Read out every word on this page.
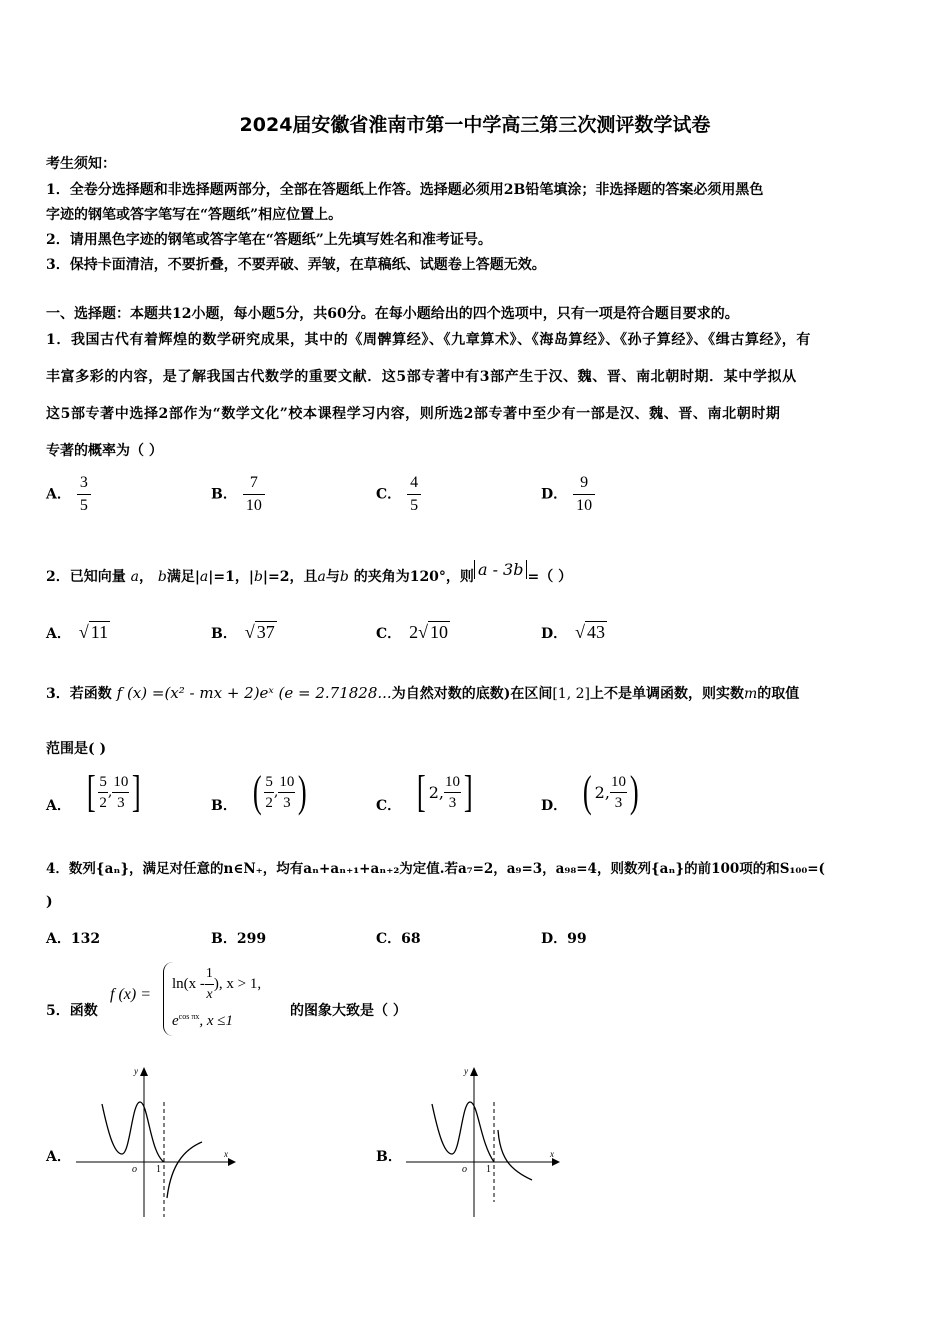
2024届安徽省淮南市第一中学高三第三次测评数学试卷
考生须知：
1．全卷分选择题和非选择题两部分，全部在答题纸上作答。选择题必须用2B铅笔填涂；非选择题的答案必须用黑色
字迹的钢笔或答字笔写在“答题纸”相应位置上。
2．请用黑色字迹的钢笔或答字笔在“答题纸”上先填写姓名和准考证号。
3．保持卡面清洁，不要折叠，不要弄破、弄皱，在草稿纸、试题卷上答题无效。
一、选择题：本题共12小题，每小题5分，共60分。在每小题给出的四个选项中，只有一项是符合题目要求的。
1．我国古代有着辉煌的数学研究成果，其中的《周髀算经》、《九章算术》、《海岛算经》、《孙子算经》、《缉古算经》，有
丰富多彩的内容，是了解我国古代数学的重要文献．这5部专著中有3部产生于汉、魏、晋、南北朝时期．某中学拟从
这5部专著中选择2部作为“数学文化”校本课程学习内容，则所选2部专著中至少有一部是汉、魏、晋、南北朝时期
专著的概率为（ ）
A． $\frac{3}{5}$	B． $\frac{7}{10}$	C． $\frac{4}{5}$	D． $\frac{9}{10}$
2．已知向量 a， b满足|a|=1，|b|=2，且a与b 的夹角为120°，则 a - 3b =（ ）
A． √ 11	B． √ 37	C． 2√ 10	D． √ 43
3．若函数 f (x) =(x² - mx + 2)eˣ (e = 2.71828...为自然对数的底数)在区间[1, 2]上不是单调函数，则实数m的取值
范围是( )
A． [ 5
2
,
10
3 ]	B． ( 5
2
,
10
3 )	C． [ 2,
10
3 ]	D． ( 2,
10
3 )
4．数列{aₙ}，满足对任意的n∈N₊，均有aₙ+aₙ₊₁+aₙ₊₂为定值.若a₇=2，a₉=3，a₉₈=4，则数列{aₙ}的前100项的和S₁₀₀=(
)
A．132	B．299	C．68	D．99
5．函数
f (x) =
$\ln(x - \frac{1}{x}$ ), x > 1,
$e^{cos \pi x}$, x ≤1
的图象大致是（ ）
A．
y
x
o 1
B．
y
x
o 1
